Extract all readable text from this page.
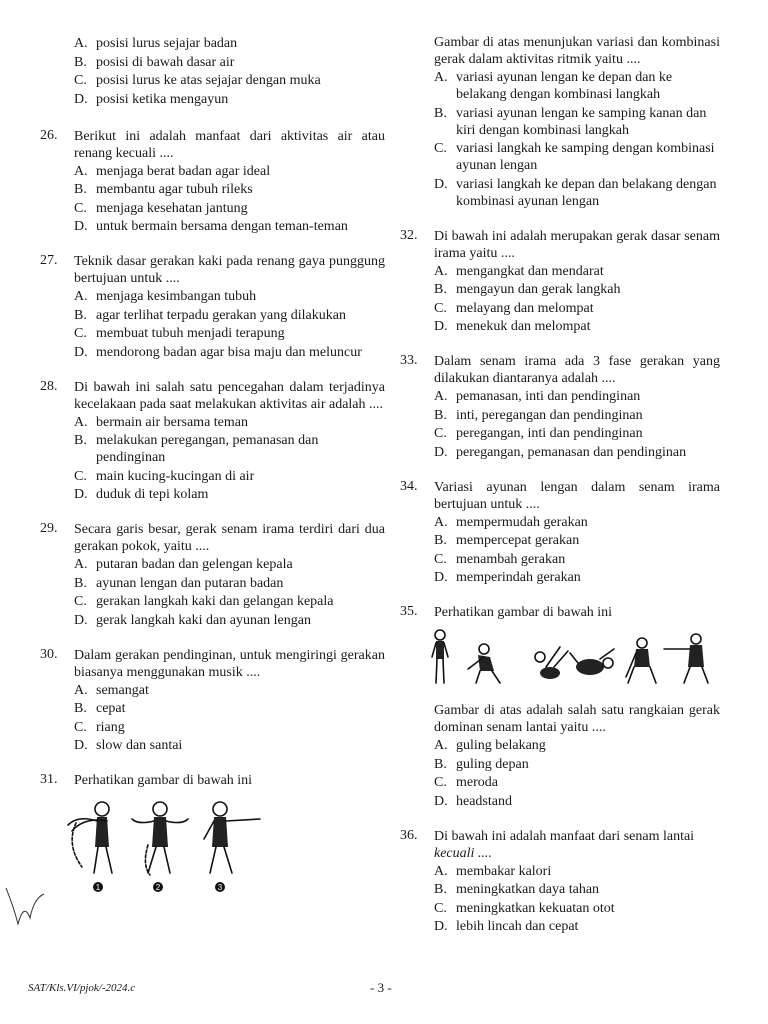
A. posisi lurus sejajar badan
B. posisi di bawah dasar air
C. posisi lurus ke atas sejajar dengan muka
D. posisi ketika mengayun
26.	Berikut ini adalah manfaat dari aktivitas air atau renang kecuali ....
A. menjaga berat badan agar ideal
B. membantu agar tubuh rileks
C. menjaga kesehatan jantung
D. untuk bermain bersama dengan teman-teman
27.	Teknik dasar gerakan kaki pada renang gaya punggung bertujuan untuk ....
A. menjaga kesimbangan tubuh
B. agar terlihat terpadu gerakan yang dilakukan
C. membuat tubuh menjadi terapung
D. mendorong badan agar bisa maju dan meluncur
28.	Di bawah ini salah satu pencegahan dalam terjadinya kecelakaan pada saat melakukan aktivitas air adalah ....
A. bermain air bersama teman
B. melakukan peregangan, pemanasan dan pendinginan
C. main kucing-kucingan di air
D. duduk di tepi kolam
29.	Secara garis besar, gerak senam irama terdiri dari dua gerakan pokok, yaitu ....
A. putaran badan dan gelengan kepala
B. ayunan lengan dan putaran badan
C. gerakan langkah kaki dan gelangan kepala
D. gerak langkah kaki dan ayunan lengan
30.	Dalam gerakan pendinginan, untuk mengiringi gerakan biasanya menggunakan musik ....
A. semangat
B. cepat
C. riang
D. slow dan santai
31.	Perhatikan gambar di bawah ini
1	2	3
Gambar di atas menunjukan variasi dan kombinasi gerak dalam aktivitas ritmik yaitu ....
A. variasi ayunan lengan ke depan dan ke belakang dengan kombinasi langkah
B. variasi ayunan lengan ke samping kanan dan kiri dengan kombinasi langkah
C. variasi langkah ke samping dengan kombinasi ayunan lengan
D. variasi langkah ke depan dan belakang dengan kombinasi ayunan lengan
32.	Di bawah ini adalah merupakan gerak dasar senam irama yaitu ....
A. mengangkat dan mendarat
B. mengayun dan gerak langkah
C. melayang dan melompat
D. menekuk dan melompat
33.	Dalam senam irama ada 3 fase gerakan yang dilakukan diantaranya adalah ....
A. pemanasan, inti dan pendinginan
B. inti, peregangan dan pendinginan
C. peregangan, inti dan pendinginan
D. peregangan, pemanasan dan pendinginan
34.	Variasi ayunan lengan dalam senam irama bertujuan untuk ....
A. mempermudah gerakan
B. mempercepat gerakan
C. menambah gerakan
D. memperindah gerakan
35.	Perhatikan gambar di bawah ini
Gambar di atas adalah salah satu rangkaian gerak dominan senam lantai yaitu ....
A. guling belakang
B. guling depan
C. meroda
D. headstand
36.	Di bawah ini adalah manfaat dari senam lantai
kecuali ....
A. membakar kalori
B. meningkatkan daya tahan
C. meningkatkan kekuatan otot
D. lebih lincah dan cepat
SAT/Kls.VI/pjok/-2024.c	- 3 -
